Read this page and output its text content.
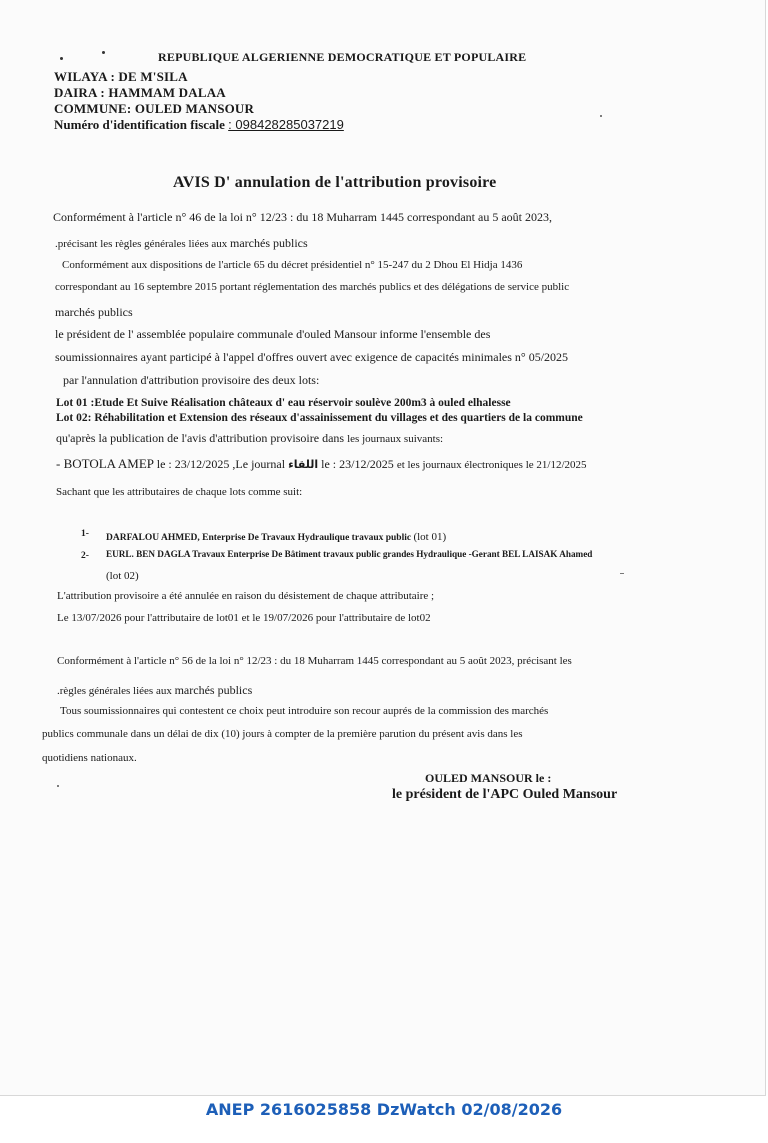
REPUBLIQUE ALGERIENNE DEMOCRATIQUE ET POPULAIRE
WILAYA : DE M'SILA
DAIRA : HAMMAM DALAA
COMMUNE: OULED MANSOUR
Numéro d'identification fiscale : 098428285037219
AVIS D' annulation de l'attribution provisoire
Conformément à l'article n° 46 de la loi n° 12/23 : du 18 Muharram 1445 correspondant au 5 août 2023,
.précisant les règles générales liées aux marchés publics
Conformément aux dispositions de l'article 65 du décret présidentiel n° 15-247 du 2 Dhou El Hidja 1436
correspondant au 16 septembre 2015 portant réglementation des marchés publics et des délégations de service public
marchés publics
le président de l' assemblée populaire communale d'ouled Mansour informe l'ensemble des
soumissionnaires ayant participé à l'appel d'offres ouvert avec exigence de capacités minimales n° 05/2025
par l'annulation d'attribution provisoire des deux lots:
Lot 01 :Etude Et Suive Réalisation châteaux d' eau réservoir soulève 200m3 à ouled elhalesse
Lot 02: Réhabilitation et Extension des réseaux d'assainissement du villages et des quartiers de la commune
qu'après la publication de l'avis d'attribution provisoire dans les journaux suivants:
- BOTOLA AMEP le : 23/12/2025 ,Le journal اللقاء le : 23/12/2025 et les journaux électroniques le 21/12/2025
Sachant que les attributaires de chaque lots comme suit:
1- DARFALOU AHMED, Enterprise De Travaux Hydraulique travaux public (lot 01)
2- EURL. BEN DAGLA Travaux Enterprise De Bâtiment travaux public grandes Hydraulique -Gerant BEL LAISAK Ahamed
(lot 02)
L'attribution provisoire a été annulée en raison du désistement de chaque attributaire ;
Le 13/07/2026 pour l'attributaire de lot01 et le 19/07/2026 pour l'attributaire de lot02
Conformément à l'article n° 56 de la loi n° 12/23 : du 18 Muharram 1445 correspondant au 5 août 2023, précisant les
.règles générales liées aux marchés publics
Tous soumissionnaires qui contestent ce choix peut introduire son recour auprés de la commission des marchés
publics communale dans un délai de dix (10) jours à compter de la première parution du présent avis dans les
quotidiens nationaux.
OULED MANSOUR le :
le président de l'APC Ouled Mansour
ANEP 2616025858 DzWatch 02/08/2026
